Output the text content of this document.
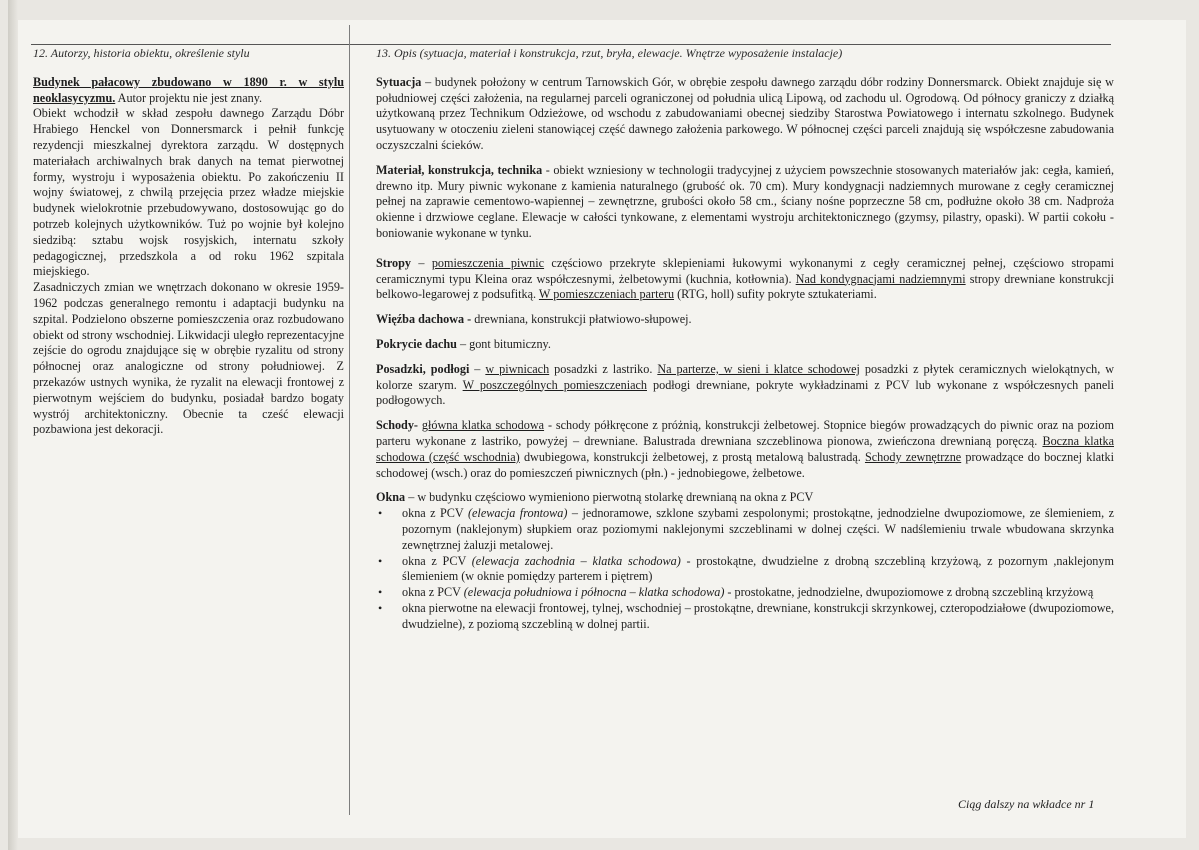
12. Autorzy, historia obiektu, określenie stylu

Budynek pałacowy zbudowano w 1890 r. w stylu neoklasycyzmu. Autor projektu nie jest znany.

Obiekt wchodził w skład zespołu dawnego Zarządu Dóbr Hrabiego Henckel von Donnersmarck i pełnił funkcję rezydencji mieszkalnej dyrektora zarządu. W dostępnych materiałach archiwalnych brak danych na temat pierwotnej formy, wystroju i wyposażenia obiektu. Po zakończeniu II wojny światowej, z chwilą przejęcia przez władze miejskie budynek wielokrotnie przebudowywano, dostosowując go do potrzeb kolejnych użytkowników. Tuż po wojnie był kolejno siedzibą: sztabu wojsk rosyjskich, internatu szkoły pedagogicznej, przedszkola a od roku 1962 szpitala miejskiego.

Zasadniczych zmian we wnętrzach dokonano w okresie 1959-1962 podczas generalnego remontu i adaptacji budynku na szpital. Podzielono obszerne pomieszczenia oraz rozbudowano obiekt od strony wschodniej. Likwidacji uległo reprezentacyjne zejście do ogrodu znajdujące się w obrębie ryzalitu od strony północnej oraz analogiczne od strony południowej. Z przekazów ustnych wynika, że ryzalit na elewacji frontowej z pierwotnym wejściem do budynku, posiadał bardzo bogaty wystrój architektoniczny. Obecnie ta cześć elewacji pozbawiona jest dekoracji.

13. Opis (sytuacja, materiał i konstrukcja, rzut, bryła, elewacje. Wnętrze wyposażenie instalacje)

Sytuacja – budynek położony w centrum Tarnowskich Gór, w obrębie zespołu dawnego zarządu dóbr rodziny Donnersmarck. Obiekt znajduje się w południowej części założenia, na regularnej parceli ograniczonej od południa ulicą Lipową, od zachodu ul. Ogrodową. Od północy graniczy z działką użytkowaną przez Technikum Odzieżowe, od wschodu z zabudowaniami obecnej siedziby Starostwa Powiatowego i internatu szkolnego. Budynek usytuowany w otoczeniu zieleni stanowiącej część dawnego założenia parkowego. W północnej części parceli znajdują się współczesne zabudowania oczyszczalni ścieków.

Materiał, konstrukcja, technika - obiekt wzniesiony w technologii tradycyjnej z użyciem powszechnie stosowanych materiałów jak: cegła, kamień, drewno itp. Mury piwnic wykonane z kamienia naturalnego (grubość ok. 70 cm). Mury kondygnacji nadziemnych murowane z cegły ceramicznej pełnej na zaprawie cementowo-wapiennej – zewnętrzne, grubości około 58 cm., ściany nośne poprzeczne 58 cm, podłużne około 38 cm. Nadproża okienne i drzwiowe ceglane. Elewacje w całości tynkowane, z elementami wystroju architektonicznego (gzymsy, pilastry, opaski). W partii cokołu - boniowanie wykonane w tynku.

Stropy – pomieszczenia piwnic częściowo przekryte sklepieniami łukowymi wykonanymi z cegły ceramicznej pełnej, częściowo stropami ceramicznymi typu Kleina oraz współczesnymi, żelbetowymi (kuchnia, kotłownia). Nad kondygnacjami nadziemnymi stropy drewniane konstrukcji belkowo-legarowej z podsufitką. W pomieszczeniach parteru (RTG, holl) sufity pokryte sztukateriami.

Więźba dachowa - drewniana, konstrukcji płatwiowo-słupowej.

Pokrycie dachu – gont bitumiczny.

Posadzki, podłogi – w piwnicach posadzki z lastriko. Na parterze, w sieni i klatce schodowej posadzki z płytek ceramicznych wielokątnych, w kolorze szarym. W poszczególnych pomieszczeniach podłogi drewniane, pokryte wykładzinami z PCV lub wykonane z współczesnych paneli podłogowych.

Schody- główna klatka schodowa - schody półkręcone z próżnią, konstrukcji żelbetowej. Stopnice biegów prowadzących do piwnic oraz na poziom parteru wykonane z lastriko, powyżej – drewniane. Balustrada drewniana szczeblinowa pionowa, zwieńczona drewnianą poręczą. Boczna klatka schodowa (część wschodnia) dwubiegowa, konstrukcji żelbetowej, z prostą metalową balustradą. Schody zewnętrzne prowadzące do bocznej klatki schodowej (wsch.) oraz do pomieszczeń piwnicznych (płn.) - jednobiegowe, żelbetowe.

Okna – w budynku częściowo wymieniono pierwotną stolarkę drewnianą na okna z PCV

• okna z PCV (elewacja frontowa) – jednoramowe, szklone szybami zespolonymi; prostokątne, jednodzielne dwupoziomowe, ze ślemieniem, z pozornym (naklejonym) słupkiem oraz poziomymi naklejonymi szczeblinami w dolnej części. W nadślemieniu trwale wbudowana skrzynka zewnętrznej żaluzji metalowej.
• okna z PCV (elewacja zachodnia – klatka schodowa) - prostokątne, dwudzielne z drobną szczebliną krzyżową, z pozornym ,naklejonym ślemieniem (w oknie pomiędzy parterem i piętrem)
• okna z PCV (elewacja południowa i północna – klatka schodowa) - prostokatne, jednodzielne, dwupoziomowe z drobną szczebliną krzyżową
• okna pierwotne na elewacji frontowej, tylnej, wschodniej – prostokątne, drewniane, konstrukcji skrzynkowej, czteropodziałowe (dwupoziomowe, dwudzielne), z poziomą szczebliną w dolnej partii.
Ciąg dalszy na wkładce nr 1
